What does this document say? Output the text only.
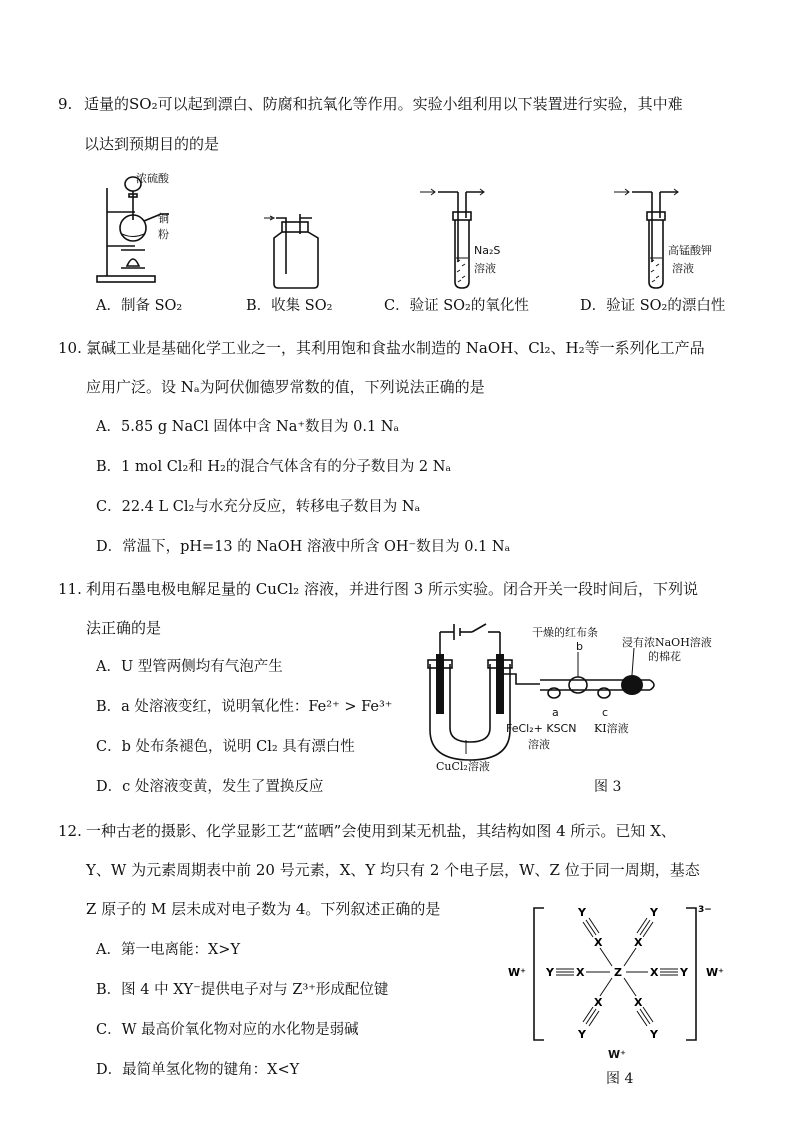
9. 适量的SO₂可以起到漂白、防腐和抗氧化等作用。实验小组利用以下装置进行实验，其中难
以达到预期目的的是
浓硫酸
铜
粉
Na₂S
溶液
高锰酸钾
溶液
A．制备 SO₂	B．收集 SO₂	C．验证 SO₂的氧化性	D．验证 SO₂的漂白性
10. 氯碱工业是基础化学工业之一，其利用饱和食盐水制造的 NaOH、Cl₂、H₂等一系列化工产品
应用广泛。设 Nₐ为阿伏伽德罗常数的值，下列说法正确的是
A．5.85 g NaCl 固体中含 Na⁺数目为 0.1 Nₐ
B．1 mol Cl₂和 H₂的混合气体含有的分子数目为 2 Nₐ
C．22.4 L Cl₂与水充分反应，转移电子数目为 Nₐ
D．常温下，pH=13 的 NaOH 溶液中所含 OH⁻数目为 0.1 Nₐ
11. 利用石墨电极电解足量的 CuCl₂ 溶液，并进行图 3 所示实验。闭合开关一段时间后，下列说
法正确的是
A．U 型管两侧均有气泡产生
B．a 处溶液变红，说明氧化性：Fe²⁺ > Fe³⁺
C．b 处布条褪色，说明 Cl₂ 具有漂白性
D．c 处溶液变黄，发生了置换反应
干燥的红布条
浸有浓NaOH溶液
的棉花
b
a	c
FeCl₂+ KSCN
溶液
KI溶液
CuCl₂溶液
图 3
12. 一种古老的摄影、化学显影工艺“蓝晒”会使用到某无机盐，其结构如图 4 所示。已知 X、
Y、W 为元素周期表中前 20 号元素，X、Y 均只有 2 个电子层，W、Z 位于同一周期，基态
Z 原子的 M 层未成对电子数为 4。下列叙述正确的是
A．第一电离能：X>Y
B．图 4 中 XY⁻提供电子对与 Z³⁺形成配位键
C．W 最高价氧化物对应的水化物是弱碱
D．最简单氢化物的键角：X<Y
Z
X	X
Y	Y
X	X
X	X
Y	Y
Y	Y
3−
W⁺	W⁺
W⁺
图 4
